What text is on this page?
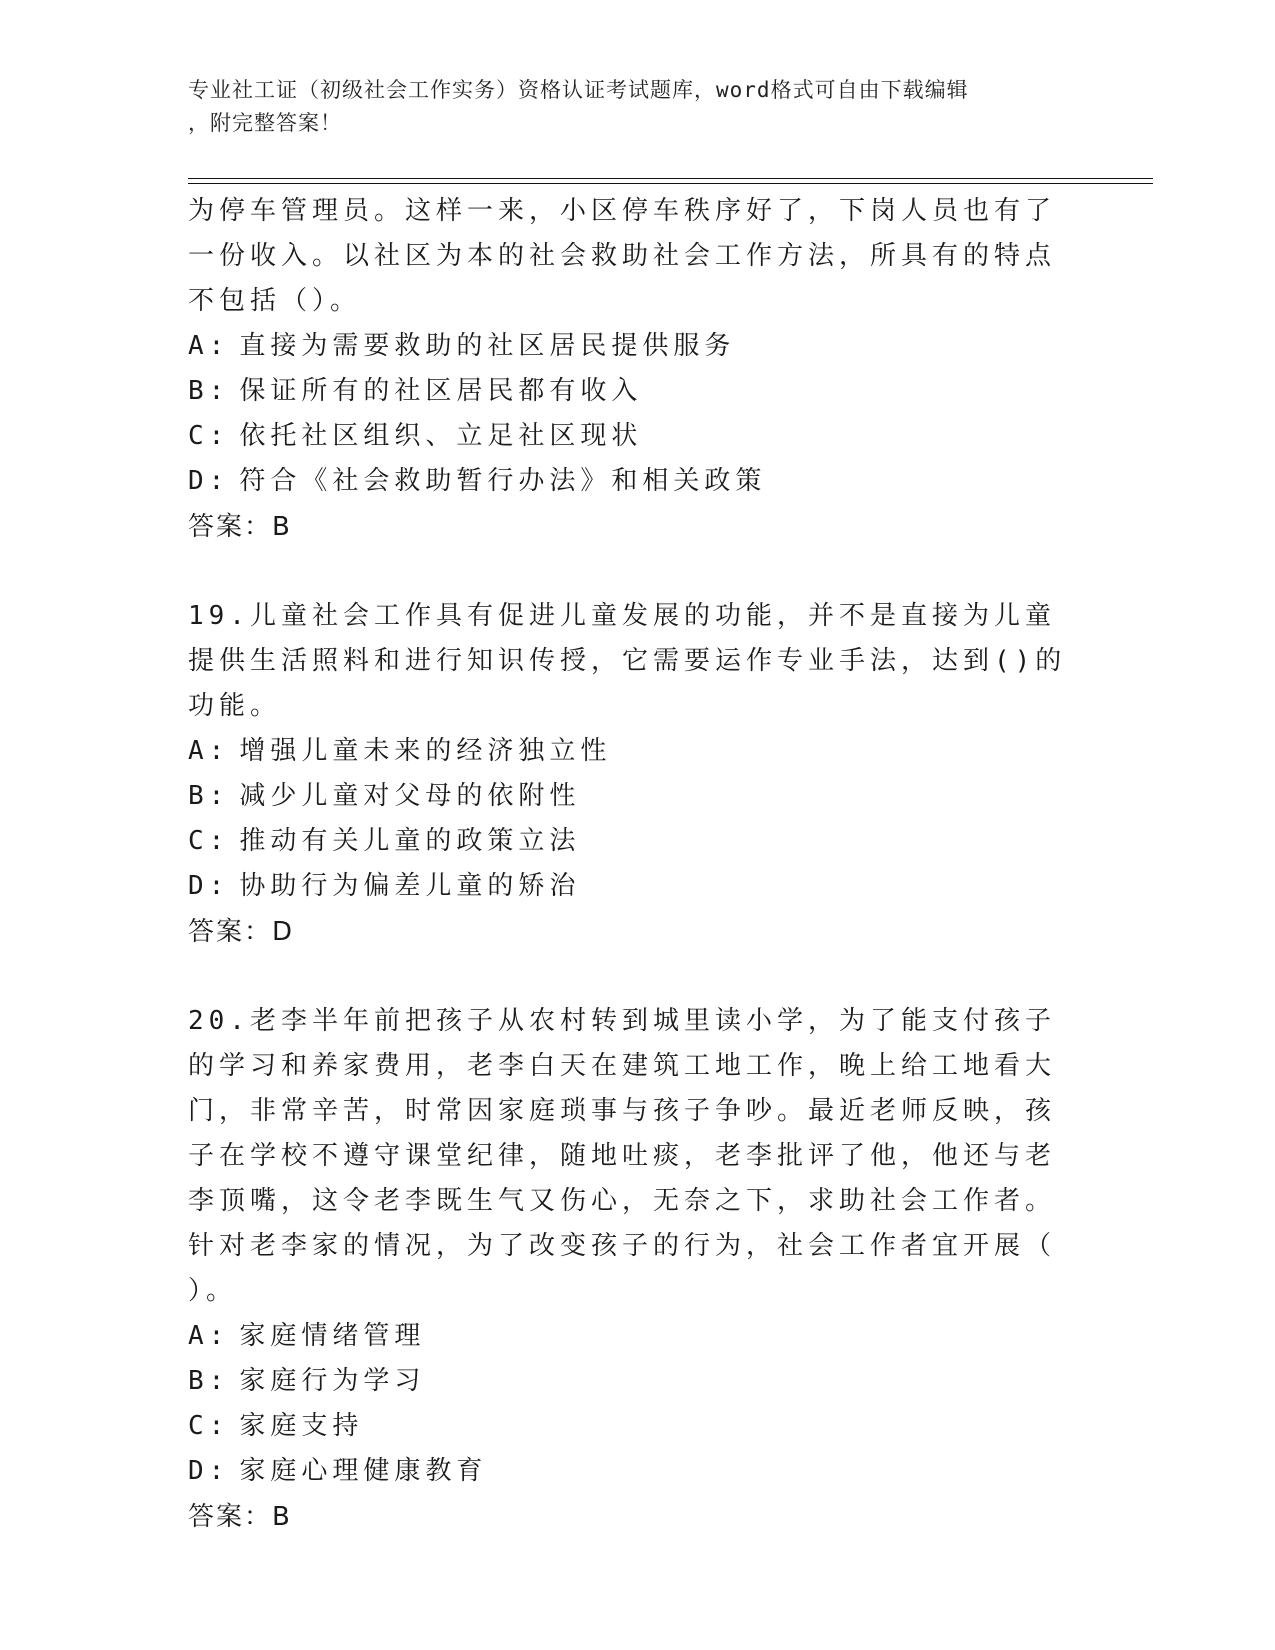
专业社工证（初级社会工作实务）资格认证考试题库，word格式可自由下载编辑
，附完整答案！
为停车管理员。这样一来，小区停车秩序好了，下岗人员也有了一份收入。以社区为本的社会救助社会工作方法，所具有的特点不包括（）。
A: 直接为需要救助的社区居民提供服务
B: 保证所有的社区居民都有收入
C: 依托社区组织、立足社区现状
D: 符合《社会救助暂行办法》和相关政策
答案：B
19.儿童社会工作具有促进儿童发展的功能，并不是直接为儿童提供生活照料和进行知识传授，它需要运作专业手法，达到()的功能。
A: 增强儿童未来的经济独立性
B: 减少儿童对父母的依附性
C: 推动有关儿童的政策立法
D: 协助行为偏差儿童的矫治
答案：D
20.老李半年前把孩子从农村转到城里读小学，为了能支付孩子的学习和养家费用，老李白天在建筑工地工作，晚上给工地看大门，非常辛苦，时常因家庭琐事与孩子争吵。最近老师反映，孩子在学校不遵守课堂纪律，随地吐痰，老李批评了他，他还与老李顶嘴，这令老李既生气又伤心，无奈之下，求助社会工作者。针对老李家的情况，为了改变孩子的行为，社会工作者宜开展（ ）。
A: 家庭情绪管理
B: 家庭行为学习
C: 家庭支持
D: 家庭心理健康教育
答案：B
